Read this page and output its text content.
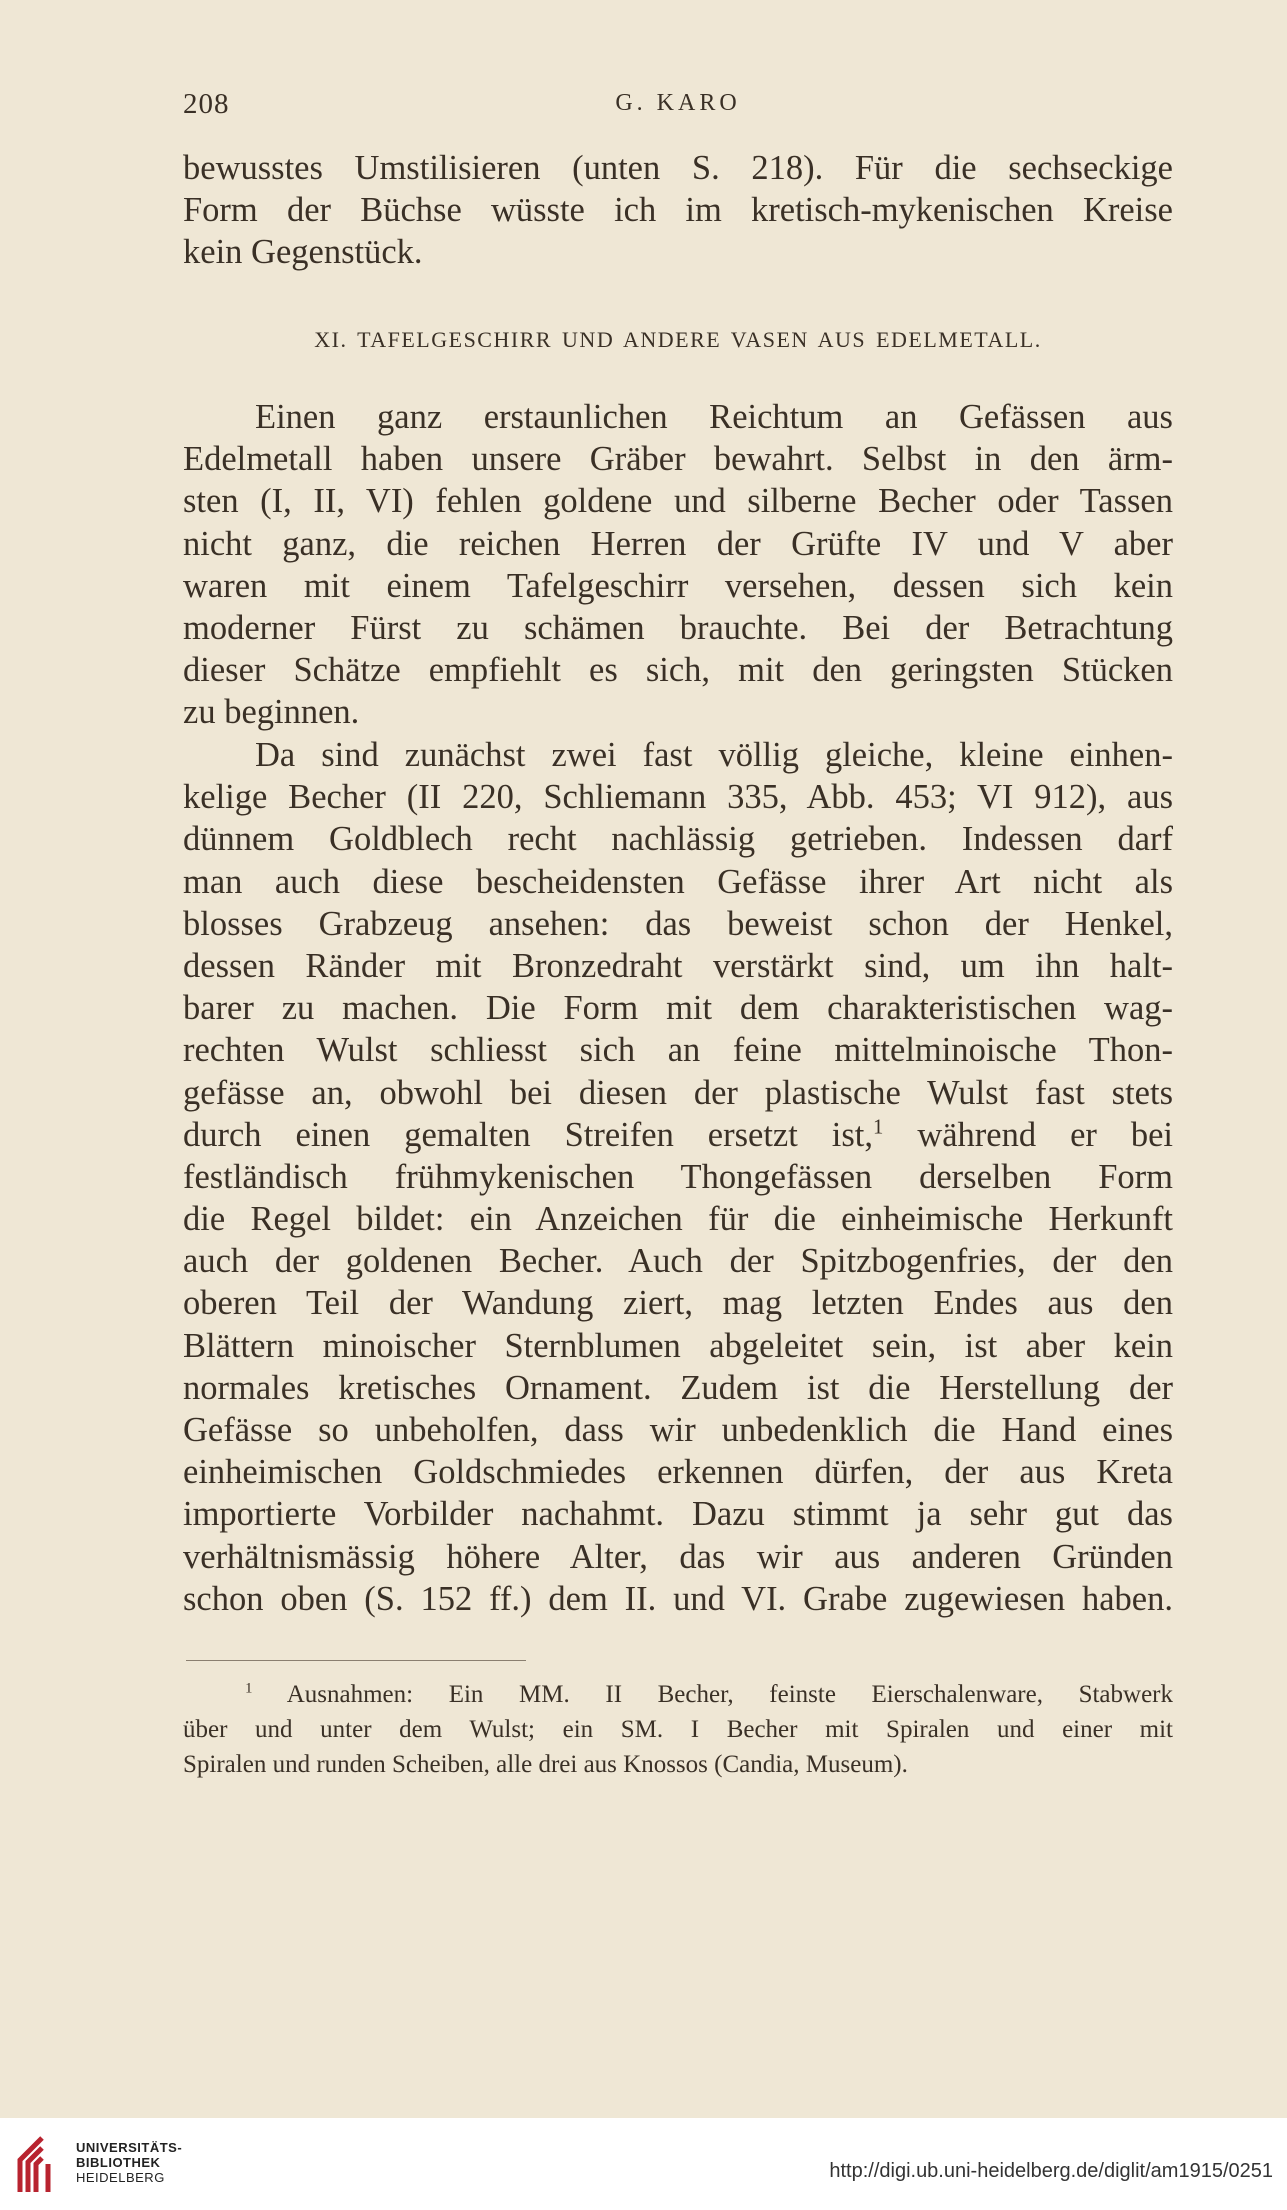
208	G. KARO
bewusstes Umstilisieren (unten S. 218). Für die sechseckige
Form der Büchse wüsste ich im kretisch-mykenischen Kreise
kein Gegenstück.
XI. TAFELGESCHIRR UND ANDERE VASEN AUS EDELMETALL.
Einen ganz erstaunlichen Reichtum an Gefässen aus
Edelmetall haben unsere Gräber bewahrt. Selbst in den ärm-
sten (I, II, VI) fehlen goldene und silberne Becher oder Tassen
nicht ganz, die reichen Herren der Grüfte IV und V aber
waren mit einem Tafelgeschirr versehen, dessen sich kein
moderner Fürst zu schämen brauchte. Bei der Betrachtung
dieser Schätze empfiehlt es sich, mit den geringsten Stücken
zu beginnen.
Da sind zunächst zwei fast völlig gleiche, kleine einhen-
kelige Becher (II 220, Schliemann 335, Abb. 453; VI 912), aus
dünnem Goldblech recht nachlässig getrieben. Indessen darf
man auch diese bescheidensten Gefässe ihrer Art nicht als
blosses Grabzeug ansehen: das beweist schon der Henkel,
dessen Ränder mit Bronzedraht verstärkt sind, um ihn halt-
barer zu machen. Die Form mit dem charakteristischen wag-
rechten Wulst schliesst sich an feine mittelminoische Thon-
gefässe an, obwohl bei diesen der plastische Wulst fast stets
durch einen gemalten Streifen ersetzt ist,$^1$ während er bei
festländisch frühmykenischen Thongefässen derselben Form
die Regel bildet: ein Anzeichen für die einheimische Herkunft
auch der goldenen Becher. Auch der Spitzbogenfries, der den
oberen Teil der Wandung ziert, mag letzten Endes aus den
Blättern minoischer Sternblumen abgeleitet sein, ist aber kein
normales kretisches Ornament. Zudem ist die Herstellung der
Gefässe so unbeholfen, dass wir unbedenklich die Hand eines
einheimischen Goldschmiedes erkennen dürfen, der aus Kreta
importierte Vorbilder nachahmt. Dazu stimmt ja sehr gut das
verhältnismässig höhere Alter, das wir aus anderen Gründen
schon oben (S. 152 ff.) dem II. und VI. Grabe zugewiesen haben.
$^1$ Ausnahmen: Ein MM. II Becher, feinste Eierschalenware, Stabwerk
über und unter dem Wulst; ein SM. I Becher mit Spiralen und einer mit
Spiralen und runden Scheiben, alle drei aus Knossos (Candia, Museum).
UNIVERSITÄTS-
BIBLIOTHEK
HEIDELBERG	http://digi.ub.uni-heidelberg.de/diglit/am1915/0251
